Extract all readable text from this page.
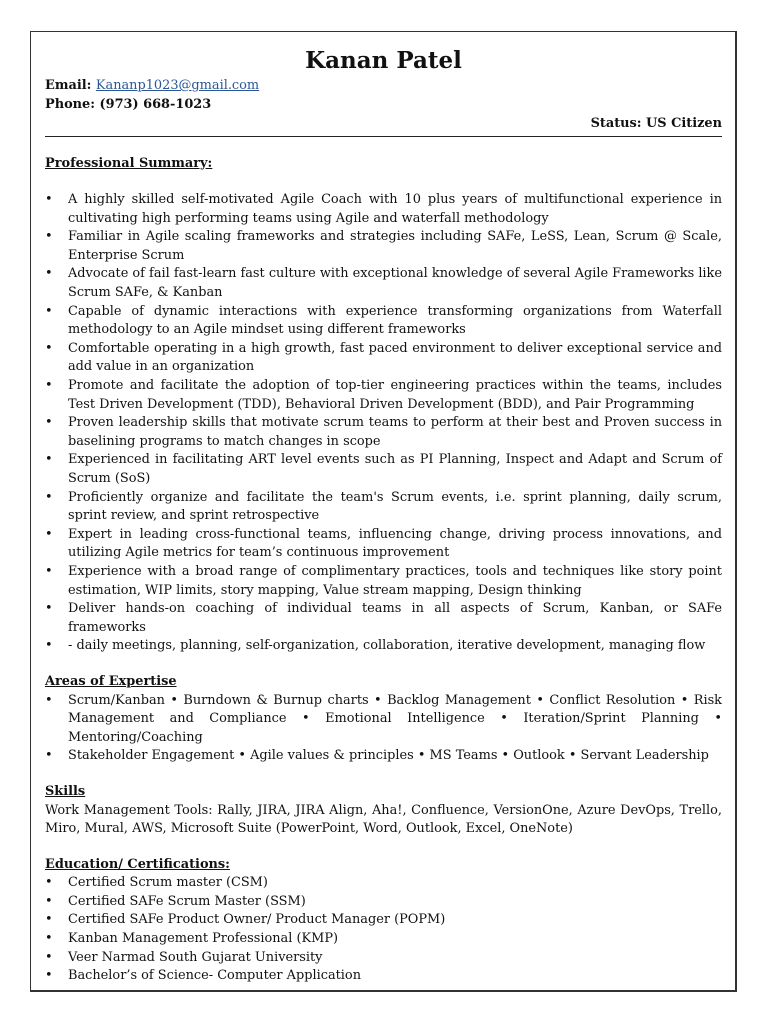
Kanan Patel
Email: Kananp1023@gmail.com
Phone: (973) 668-1023
Status: US Citizen
Professional Summary:
• A highly skilled self-motivated Agile Coach with 10 plus years of multifunctional experience in cultivating high performing teams using Agile and waterfall methodology
• Familiar in Agile scaling frameworks and strategies including SAFe, LeSS, Lean, Scrum @ Scale, Enterprise Scrum
• Advocate of fail fast-learn fast culture with exceptional knowledge of several Agile Frameworks like Scrum SAFe, & Kanban
• Capable of dynamic interactions with experience transforming organizations from Waterfall methodology to an Agile mindset using different frameworks
• Comfortable operating in a high growth, fast paced environment to deliver exceptional service and add value in an organization
• Promote and facilitate the adoption of top-tier engineering practices within the teams, includes Test Driven Development (TDD), Behavioral Driven Development (BDD), and Pair Programming
• Proven leadership skills that motivate scrum teams to perform at their best and Proven success in baselining programs to match changes in scope
• Experienced in facilitating ART level events such as PI Planning, Inspect and Adapt and Scrum of Scrum (SoS)
• Proficiently organize and facilitate the team's Scrum events, i.e. sprint planning, daily scrum, sprint review, and sprint retrospective
• Expert in leading cross-functional teams, influencing change, driving process innovations, and utilizing Agile metrics for team’s continuous improvement
• Experience with a broad range of complimentary practices, tools and techniques like story point estimation, WIP limits, story mapping, Value stream mapping, Design thinking
• Deliver hands-on coaching of individual teams in all aspects of Scrum, Kanban, or SAFe frameworks
• - daily meetings, planning, self-organization, collaboration, iterative development, managing flow
Areas of Expertise
• Scrum/Kanban • Burndown & Burnup charts • Backlog Management • Conflict Resolution • Risk Management and Compliance • Emotional Intelligence • Iteration/Sprint Planning • Mentoring/Coaching
• Stakeholder Engagement • Agile values & principles • MS Teams • Outlook • Servant Leadership
Skills

Work Management Tools: Rally, JIRA, JIRA Align, Aha!, Confluence, VersionOne, Azure DevOps, Trello, Miro, Mural, AWS, Microsoft Suite (PowerPoint, Word, Outlook, Excel, OneNote)

Education/ Certifications:
• Certified Scrum master (CSM)
• Certified SAFe Scrum Master (SSM)
• Certified SAFe Product Owner/ Product Manager (POPM)
• Kanban Management Professional (KMP)
• Veer Narmad South Gujarat University
• Bachelor’s of Science- Computer Application
